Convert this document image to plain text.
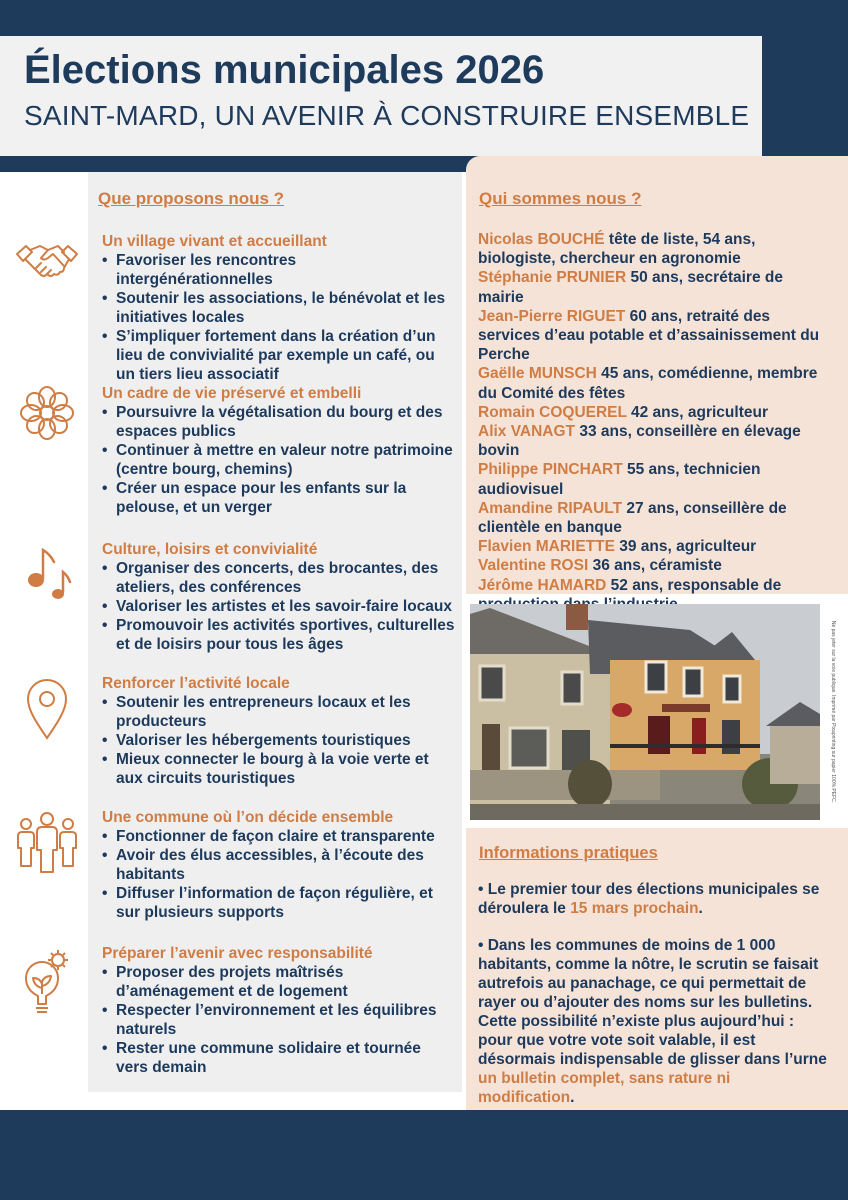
Élections municipales 2026
SAINT-MARD, UN AVENIR À CONSTRUIRE ENSEMBLE
Que proposons nous ?
Un village vivant et accueillant
• Favoriser les rencontres intergénérationnelles
• Soutenir les associations, le bénévolat et les initiatives locales
• S’impliquer fortement dans la création d’un lieu de convivialité par exemple un café, ou un tiers lieu associatif
Un cadre de vie préservé et embelli
• Poursuivre la végétalisation du bourg et des espaces publics
• Continuer à mettre en valeur notre patrimoine (centre bourg, chemins)
• Créer un espace pour les enfants sur la pelouse, et un verger
Culture, loisirs et convivialité
• Organiser des concerts, des brocantes, des ateliers, des conférences
• Valoriser les artistes et les savoir-faire locaux
• Promouvoir les activités sportives, culturelles et de loisirs pour tous les âges
Renforcer l’activité locale
• Soutenir les entrepreneurs locaux et les producteurs
• Valoriser les hébergements touristiques
• Mieux connecter le bourg à la voie verte et aux circuits touristiques
Une commune où l’on décide ensemble
• Fonctionner de façon claire et transparente
• Avoir des élus accessibles, à l’écoute des habitants
• Diffuser l’information de façon régulière, et sur plusieurs supports
Préparer l’avenir avec responsabilité
• Proposer des projets maîtrisés d’aménagement et de logement
• Respecter l’environnement et les équilibres naturels
• Rester une commune solidaire et tournée vers demain
Qui sommes nous ?
Nicolas BOUCHÉ tête de liste, 54 ans, biologiste, chercheur en agronomie
Stéphanie PRUNIER 50 ans, secrétaire de mairie
Jean-Pierre RIGUET 60 ans, retraité des services d’eau potable et d’assainissement du Perche
Gaëlle MUNSCH 45 ans, comédienne, membre du Comité des fêtes
Romain COQUEREL 42 ans, agriculteur
Alix VANAGT 33 ans, conseillère en élevage bovin
Philippe PINCHART 55 ans, technicien audiovisuel
Amandine RIPAULT 27 ans, conseillère de clientèle en banque
Flavien MARIETTE 39 ans, agriculteur
Valentine ROSI 36 ans, céramiste
Jérôme HAMARD 52 ans, responsable de
Ne pas jeter sur la voie publique. Imprimé par Pixaprinting sur papier 100% PEFC.
Informations pratiques
• Le premier tour des élections municipales se déroulera le 15 mars prochain.
• Dans les communes de moins de 1 000 habitants, comme la nôtre, le scrutin se faisait autrefois au panachage, ce qui permettait de rayer ou d’ajouter des noms sur les bulletins. Cette possibilité n’existe plus aujourd’hui : pour que votre vote soit valable, il est désormais indispensable de glisser dans l’urne un bulletin complet, sans rature ni modification.
